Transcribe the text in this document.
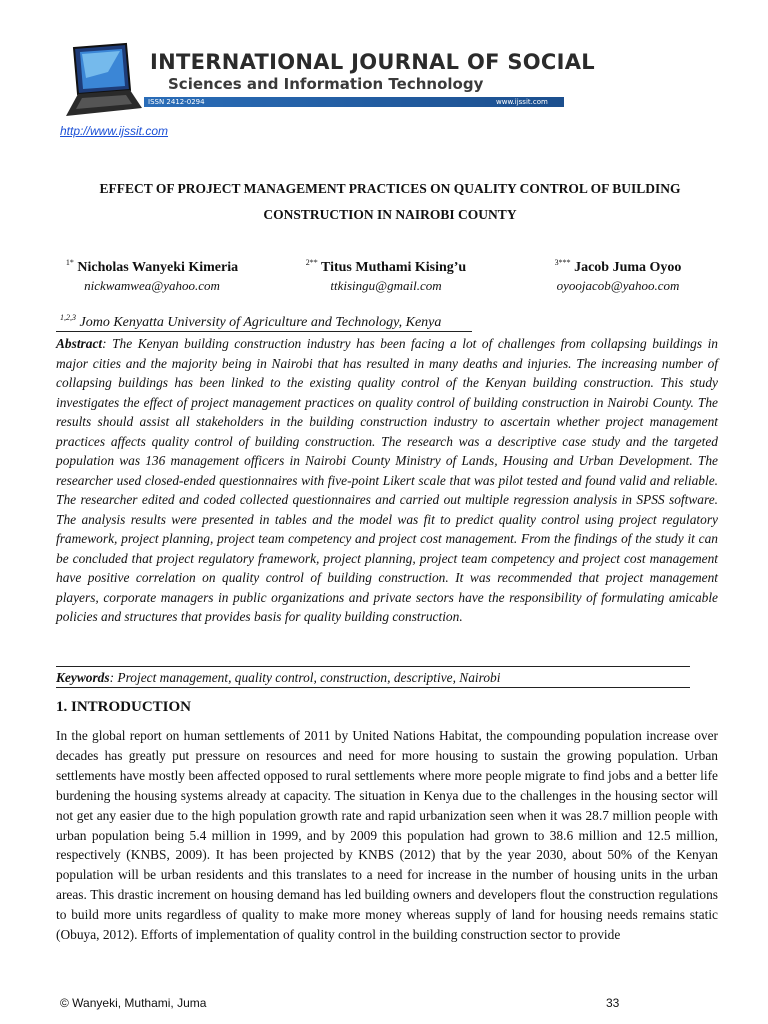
INTERNATIONAL JOURNAL OF SOCIAL
Sciences and Information Technology
ISSN 2412-0294	www.ijssit.com
http://www.ijssit.com
EFFECT OF PROJECT MANAGEMENT PRACTICES ON QUALITY CONTROL OF BUILDING
CONSTRUCTION IN NAIROBI COUNTY
$^{1*}$ Nicholas Wanyeki Kimeria
nickwamwea@yahoo.com
$^{2**}$ Titus Muthami Kising’u
ttkisingu@gmail.com
$^{3***}$ Jacob Juma Oyoo
oyoojacob@yahoo.com
$^{1,2,3}$ Jomo Kenyatta University of Agriculture and Technology, Kenya
Abstract: The Kenyan building construction industry has been facing a lot of challenges from collapsing buildings in major cities and the majority being in Nairobi that has resulted in many deaths and injuries. The increasing number of collapsing buildings has been linked to the existing quality control of the Kenyan building construction. This study investigates the effect of project management practices on quality control of building construction in Nairobi County. The results should assist all stakeholders in the building construction industry to ascertain whether project management practices affects quality control of building construction. The research was a descriptive case study and the targeted population was 136 management officers in Nairobi County Ministry of Lands, Housing and Urban Development. The researcher used closed-ended questionnaires with five-point Likert scale that was pilot tested and found valid and reliable. The researcher edited and coded collected questionnaires and carried out multiple regression analysis in SPSS software. The analysis results were presented in tables and the model was fit to predict quality control using project regulatory framework, project planning, project team competency and project cost management. From the findings of the study it can be concluded that project regulatory framework, project planning, project team competency and project cost management have positive correlation on quality control of building construction. It was recommended that project management players, corporate managers in public organizations and private sectors have the responsibility of formulating amicable policies and structures that provides basis for quality building construction.
Keywords: Project management, quality control, construction, descriptive, Nairobi
1. INTRODUCTION
In the global report on human settlements of 2011 by United Nations Habitat, the compounding population increase over decades has greatly put pressure on resources and need for more housing to sustain the growing population. Urban settlements have mostly been affected opposed to rural settlements where more people migrate to find jobs and a better life burdening the housing systems already at capacity. The situation in Kenya due to the challenges in the housing sector will not get any easier due to the high population growth rate and rapid urbanization seen when it was 28.7 million people with urban population being 5.4 million in 1999, and by 2009 this population had grown to 38.6 million and 12.5 million, respectively (KNBS, 2009). It has been projected by KNBS (2012) that by the year 2030, about 50% of the Kenyan population will be urban residents and this translates to a need for increase in the number of housing units in the urban areas. This drastic increment on housing demand has led building owners and developers flout the construction regulations to build more units regardless of quality to make more money whereas supply of land for housing needs remains static (Obuya, 2012). Efforts of implementation of quality control in the building construction sector to provide
© Wanyeki, Muthami, Juma	33
